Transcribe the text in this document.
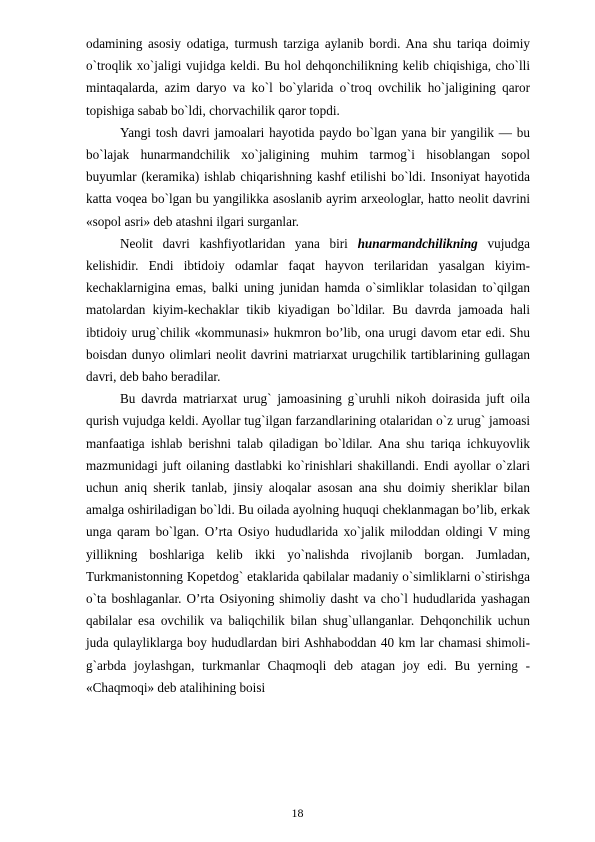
odamining asosiy odatiga, turmush tarziga aylanib bordi. Ana shu tariqa doimiy o`troqlik xo`jaligi vujidga keldi. Bu hol dehqonchilikning kelib chiqishiga, cho`lli mintaqalarda, azim daryo va ko`l bo`ylarida o`troq ovchilik ho`jaligining qaror topishiga sabab bo`ldi, chorvachilik qaror topdi.

Yangi tosh davri jamoalari hayotida paydo bo`lgan yana bir yangilik — bu bo`lajak hunarmandchilik xo`jaligining muhim tarmog`i hisoblangan sopol buyumlar (keramika) ishlab chiqarishning kashf etilishi bo`ldi. Insoniyat hayotida katta voqea bo`lgan bu yangilikka asoslanib ayrim arxeologlar, hatto neolit davrini «sopol asri» deb atashni ilgari surganlar.

Neolit davri kashfiyotlaridan yana biri hunarmandchilikning vujudga kelishidir. Endi ibtidoiy odamlar faqat hayvon terilaridan yasalgan kiyim-kechaklarnigina emas, balki uning junidan hamda o`simliklar tolasidan to`qilgan matolardan kiyim-kechaklar tikib kiyadigan bo`ldilar. Bu davrda jamoada hali ibtidoiy urug`chilik «kommunasi» hukmron bo’lib, ona urugi davom etar edi. Shu boisdan dunyo olimlari neolit davrini matriarxat urugchilik tartiblarining gullagan davri, deb baho beradilar.

Bu davrda matriarxat urug` jamoasining g`uruhli nikoh doirasida juft oila qurish vujudga keldi. Ayollar tug`ilgan farzandlarining otalaridan o`z urug` jamoasi manfaatiga ishlab berishni talab qiladigan bo`ldilar. Ana shu tariqa ichkuyovlik mazmunidagi juft oilaning dastlabki ko`rinishlari shakillandi. Endi ayollar o`zlari uchun aniq sherik tanlab, jinsiy aloqalar asosan ana shu doimiy sheriklar bilan amalga oshiriladigan bo`ldi. Bu oilada ayolning huquqi cheklanmagan bo’lib, erkak unga qaram bo`lgan. O’rta Osiyo hududlarida xo`jalik miloddan oldingi V ming yillikning boshlariga kelib ikki yo`nalishda rivojlanib borgan. Jumladan, Turkmanistonning Kopetdog` etaklarida qabilalar madaniy o`simliklarni o`stirishga o`ta boshlaganlar. O’rta Osiyoning shimoliy dasht va cho`l hududlarida yashagan qabilalar esa ovchilik va baliqchilik bilan shug`ullanganlar. Dehqonchilik uchun juda qulayliklarga boy hududlardan biri Ashhaboddan 40 km lar chamasi shimoli-g`arbda joylashgan, turkmanlar Chaqmoqli deb atagan joy edi. Bu yerning - «Chaqmoqi» deb atalihining boisi

18
